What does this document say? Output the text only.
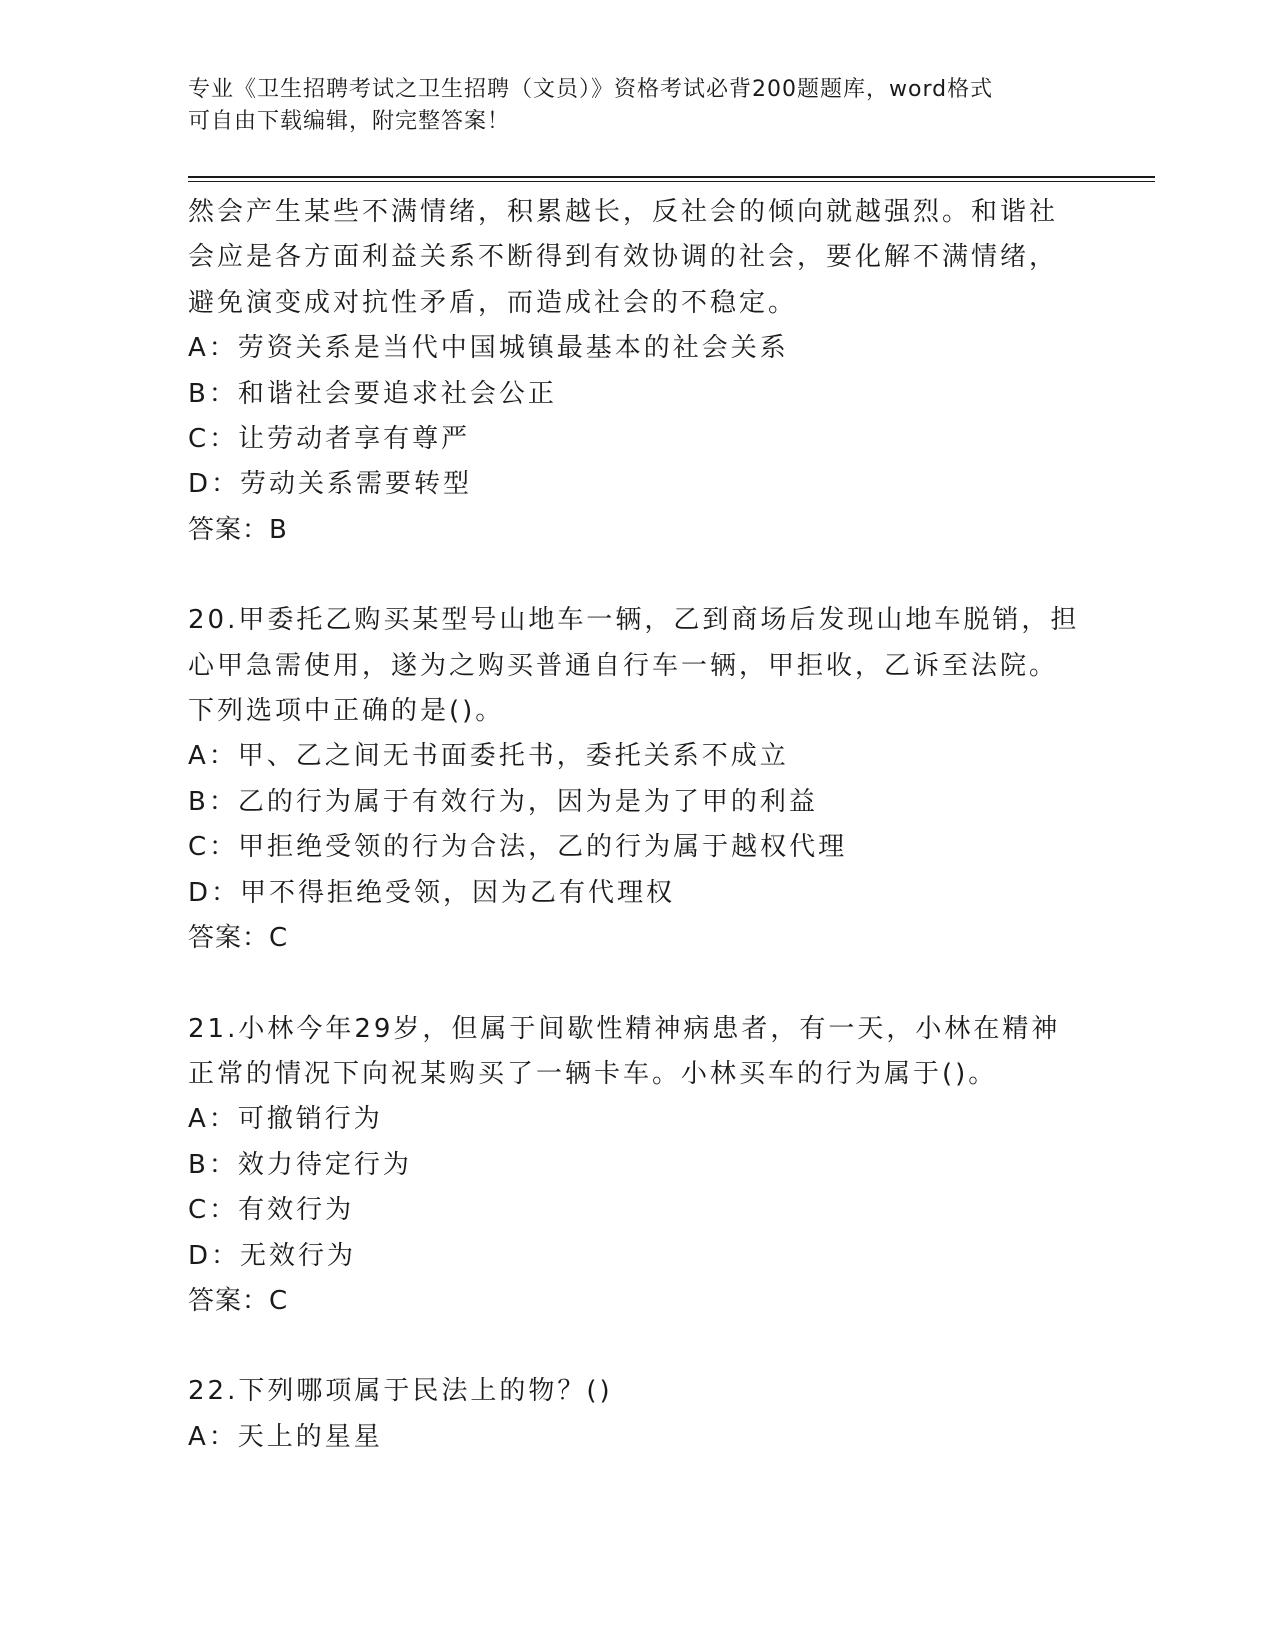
专业《卫生招聘考试之卫生招聘（文员）》资格考试必背200题题库，word格式
可自由下载编辑，附完整答案！

然会产生某些不满情绪，积累越长，反社会的倾向就越强烈。和谐社

会应是各方面利益关系不断得到有效协调的社会，要化解不满情绪，

避免演变成对抗性矛盾，而造成社会的不稳定。

A：劳资关系是当代中国城镇最基本的社会关系

B：和谐社会要追求社会公正

C：让劳动者享有尊严

D：劳动关系需要转型

答案：B

20.甲委托乙购买某型号山地车一辆，乙到商场后发现山地车脱销，担

心甲急需使用，遂为之购买普通自行车一辆，甲拒收，乙诉至法院。

下列选项中正确的是()。

A：甲、乙之间无书面委托书，委托关系不成立

B：乙的行为属于有效行为，因为是为了甲的利益

C：甲拒绝受领的行为合法，乙的行为属于越权代理

D：甲不得拒绝受领，因为乙有代理权

答案：C

21.小林今年29岁，但属于间歇性精神病患者，有一天，小林在精神

正常的情况下向祝某购买了一辆卡车。小林买车的行为属于()。

A：可撤销行为

B：效力待定行为

C：有效行为

D：无效行为

答案：C

22.下列哪项属于民法上的物？()

A：天上的星星
